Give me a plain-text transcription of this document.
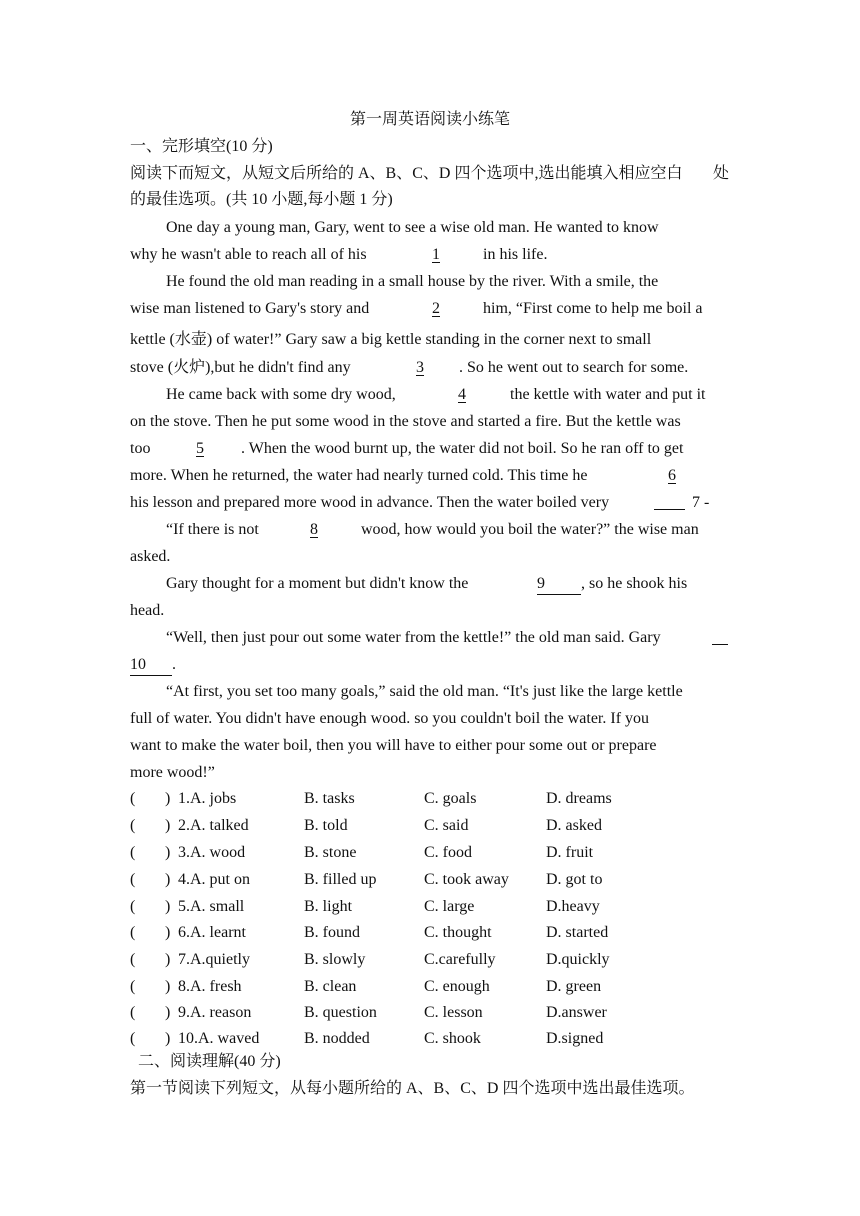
第一周英语阅读小练笔
一、完形填空(10 分)
阅读下而短文，从短文后所给的 A、B、C、D 四个选项中,选出能填入相应空白 处
的最佳选项。(共 10 小题,每小题 1 分)
One day a young man, Gary, went to see a wise old man. He wanted to know
why he wasn't able to reach all of his	1	in his life.
He found the old man reading in a small house by the river. With a smile, the
wise man listened to Gary's story and	2	him, “First come to help me boil a
kettle (水壶) of water!” Gary saw a big kettle standing in the corner next to small
stove (火炉),but he didn't find any	3 . So he went out to search for some.
He came back with some dry wood,	4	the kettle with water and put it
on the stove. Then he put some wood in the stove and started a fire. But the kettle was
too	5 . When the wood burnt up, the water did not boil. So he ran off to get
more. When he returned, the water had nearly turned cold. This time he	6
his lesson and prepared more wood in advance. Then the water boiled very	7 -
“If there is not	8	wood, how would you boil the water?” the wise man
asked.
Gary thought for a moment but didn't know the	9	, so he shook his
head.
“Well, then just pour out some water from the kettle!” the old man said. Gary
10	.
“At first, you set too many goals,” said the old man. “It's just like the large kettle
full of water. You didn't have enough wood. so you couldn't boil the water. If you
want to make the water boil, then you will have to either pour some out or prepare
more wood!”
( ) 1.A. jobs	B. tasks	C. goals	D. dreams
( ) 2.A. talked	B. told	C. said	D. asked
( ) 3.A. wood	B. stone	C. food	D. fruit
( ) 4.A. put on	B. filled up	C. took away D. got to
( ) 5.A. small	B. light	C. large	D.heavy
( ) 6.A. learnt	B. found	C. thought	D. started
( ) 7.A.quietly	B. slowly	C.carefully	D.quickly
( ) 8.A. fresh	B. clean	C. enough	D. green
( ) 9.A. reason	B. question	C. lesson	D.answer
( ) 10.A. waved	B. nodded	C. shook	D.signed
二、阅读理解(40 分)
第一节阅读下列短文，从每小题所给的 A、B、C、D 四个选项中选出最佳选项。
